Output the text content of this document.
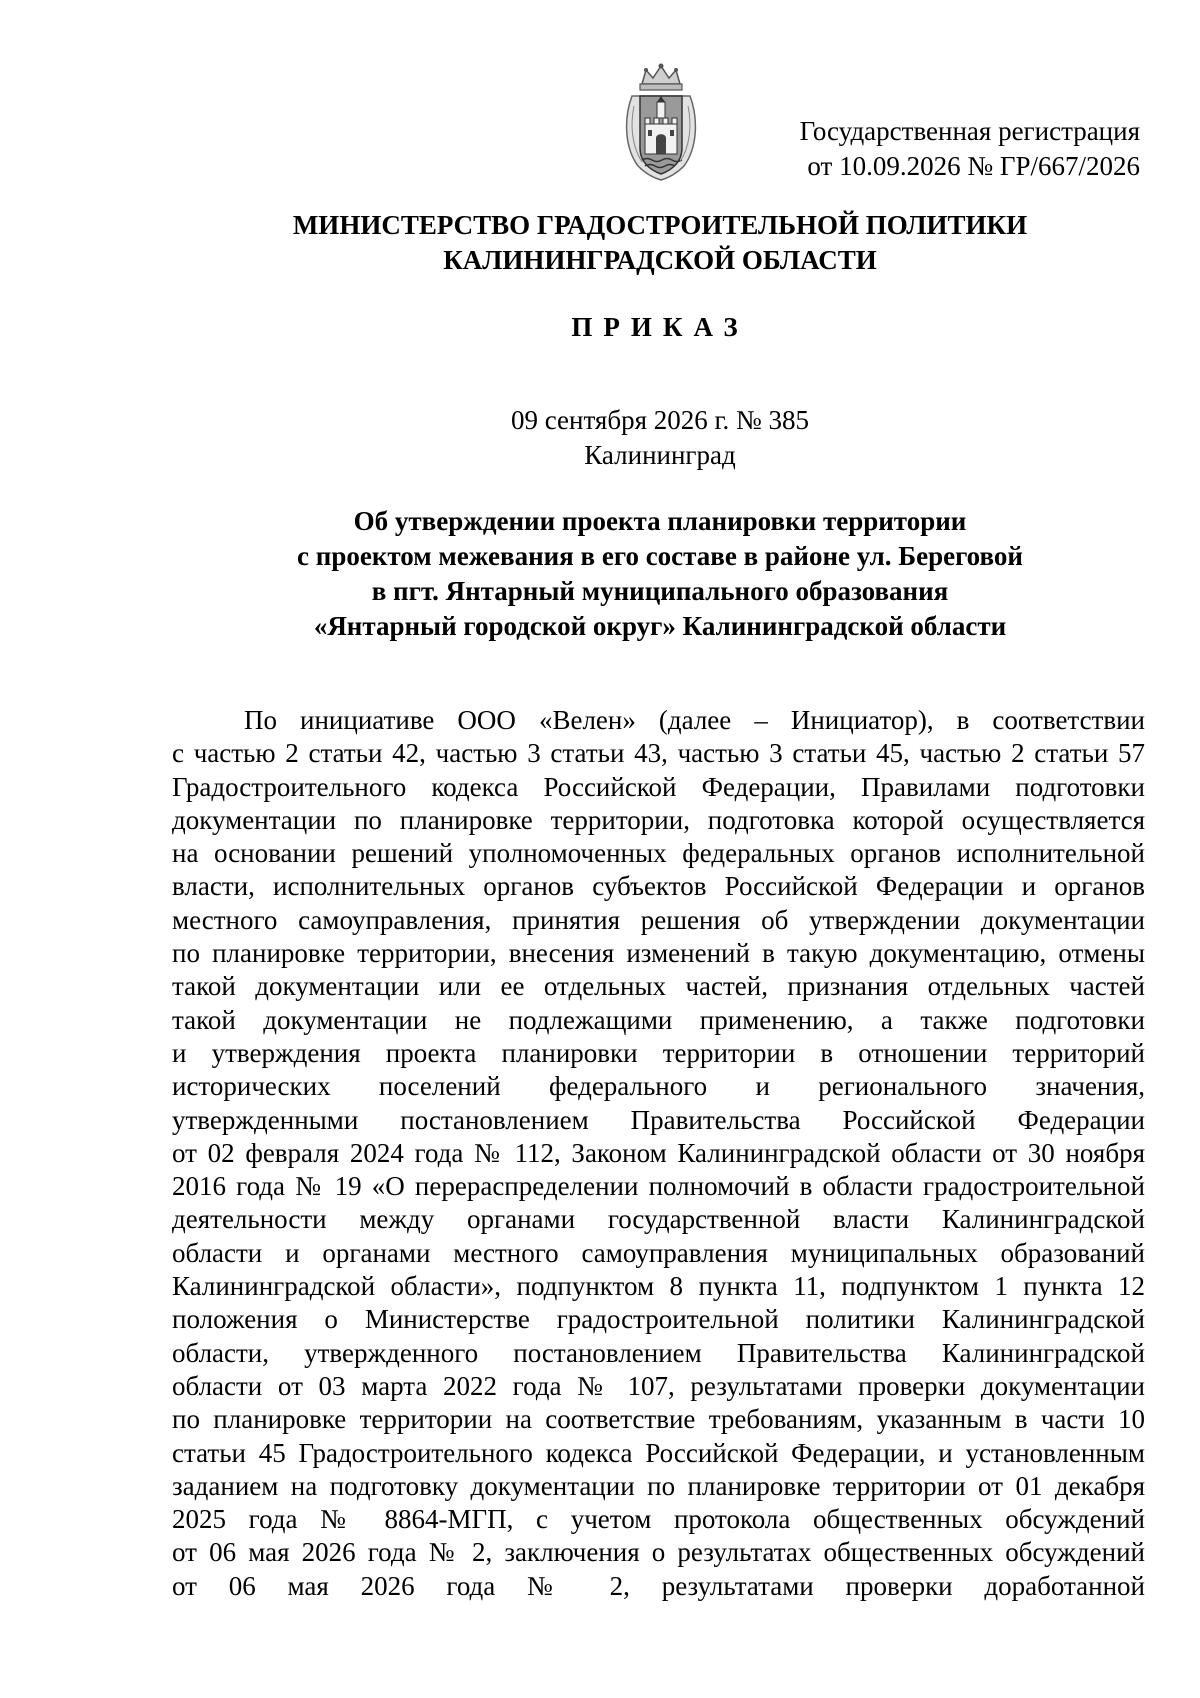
Государственная регистрация
от 10.09.2026 № ГР/667/2026
МИНИСТЕРСТВО ГРАДОСТРОИТЕЛЬНОЙ ПОЛИТИКИ
КАЛИНИНГРАДСКОЙ ОБЛАСТИ
ПРИКАЗ
09 сентября 2026 г. № 385
Калининград
Об утверждении проекта планировки территории
с проектом межевания в его составе в районе ул. Береговой
в пгт. Янтарный муниципального образования
«Янтарный городской округ» Калининградской области
По инициативе ООО «Велен» (далее – Инициатор), в соответствии
с частью 2 статьи 42, частью 3 статьи 43, частью 3 статьи 45, частью 2 статьи 57
Градостроительного кодекса Российской Федерации, Правилами подготовки
документации по планировке территории, подготовка которой осуществляется
на основании решений уполномоченных федеральных органов исполнительной
власти, исполнительных органов субъектов Российской Федерации и органов
местного самоуправления, принятия решения об утверждении документации
по планировке территории, внесения изменений в такую документацию, отмены
такой документации или ее отдельных частей, признания отдельных частей
такой документации не подлежащими применению, а также подготовки
и утверждения проекта планировки территории в отношении территорий
исторических поселений федерального и регионального значения,
утвержденными постановлением Правительства Российской Федерации
от 02 февраля 2024 года № 112, Законом Калининградской области от 30 ноября
2016 года № 19 «О перераспределении полномочий в области градостроительной
деятельности между органами государственной власти Калининградской
области и органами местного самоуправления муниципальных образований
Калининградской области», подпунктом 8 пункта 11, подпунктом 1 пункта 12
положения о Министерстве градостроительной политики Калининградской
области, утвержденного постановлением Правительства Калининградской
области от 03 марта 2022 года № 107, результатами проверки документации
по планировке территории на соответствие требованиям, указанным в части 10
статьи 45 Градостроительного кодекса Российской Федерации, и установленным
заданием на подготовку документации по планировке территории от 01 декабря
2025 года № 8864-МГП, с учетом протокола общественных обсуждений
от 06 мая 2026 года № 2, заключения о результатах общественных обсуждений
от 06 мая 2026 года № 2, результатами проверки доработанной
